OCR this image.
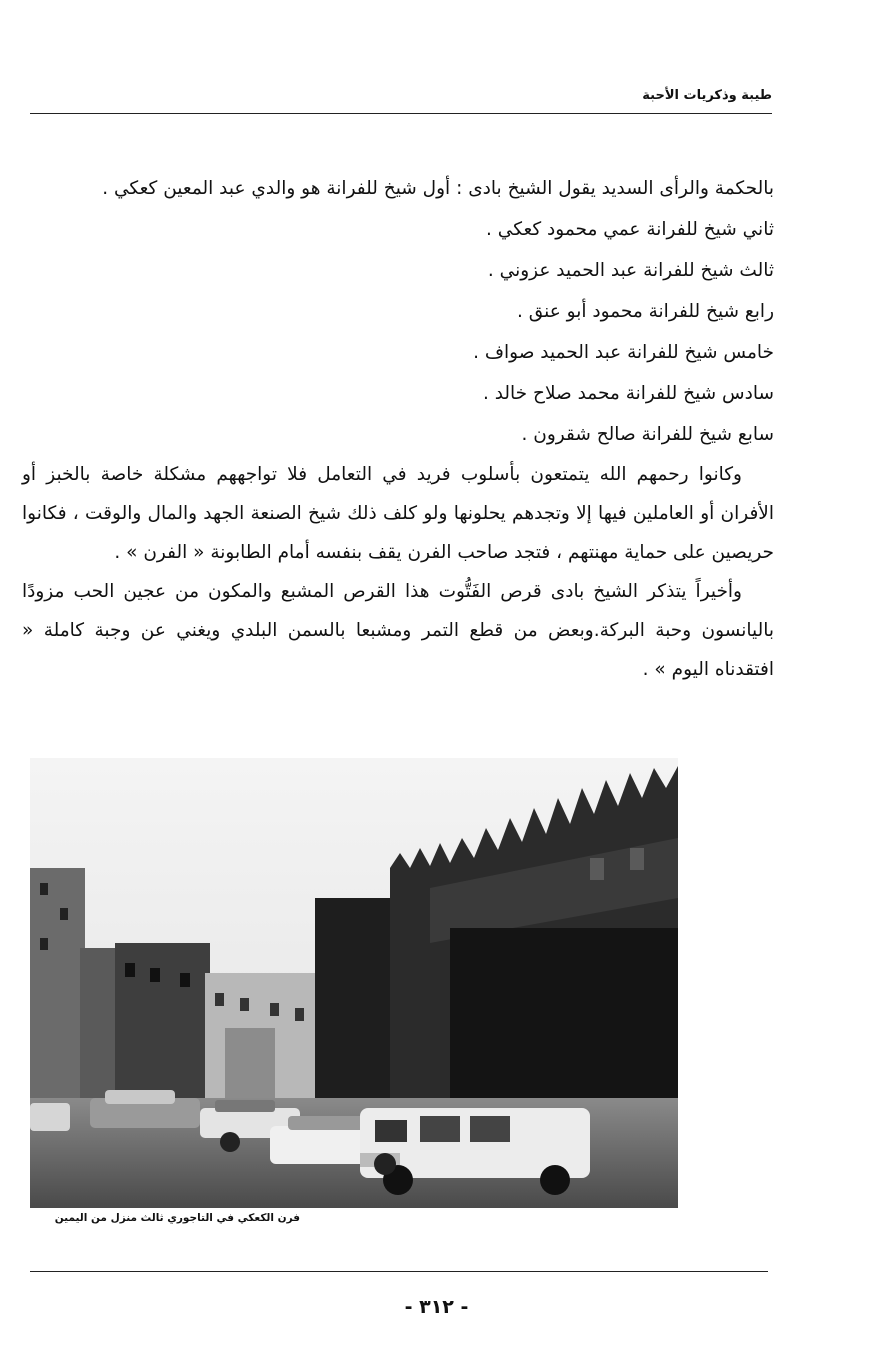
طيبة وذكريات الأحبة

بالحكمة والرأى السديد يقول الشيخ بادى : أول شيخ للفرانة هو والدي عبد المعين كعكي .

ثاني شيخ للفرانة عمي محمود كعكي .

ثالث شيخ للفرانة عبد الحميد عزوني .

رابع شيخ للفرانة محمود أبو عنق .

خامس شيخ للفرانة عبد الحميد صواف .

سادس شيخ للفرانة محمد صلاح خالد .

سابع شيخ للفرانة صالح شقرون .

وكانوا رحمهم الله يتمتعون بأسلوب فريد في التعامل فلا تواجههم مشكلة خاصة بالخبز أو الأفران أو العاملين فيها إلا وتجدهم يحلونها ولو كلف ذلك شيخ الصنعة الجهد والمال والوقت ، فكانوا حريصين على حماية مهنتهم ، فتجد صاحب الفرن يقف بنفسه أمام الطابونة « الفرن » .

وأخيراً يتذكر الشيخ بادى قرص الفَتُّوت هذا القرص المشبع والمكون من عجين الحب مزودًا باليانسون وحبة البركة.وبعض من قطع التمر ومشبعا بالسمن البلدي ويغني عن وجبة كاملة « افتقدناه اليوم » .

فرن الكعكي في التاجوري ثالث منزل من اليمين
- ٣١٢ -
